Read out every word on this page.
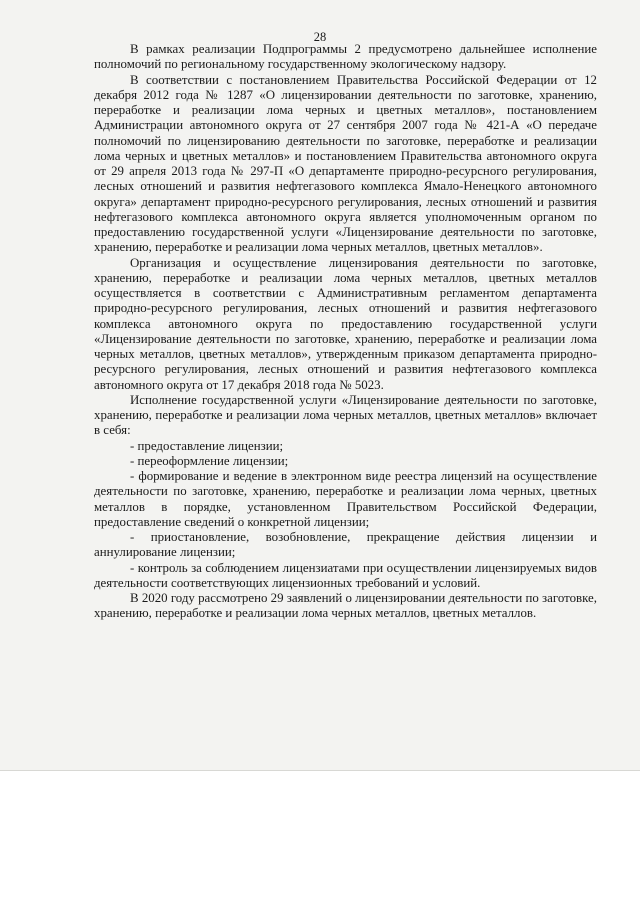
28

В рамках реализации Подпрограммы 2 предусмотрено дальнейшее исполнение полномочий по региональному государственному экологическому надзору.

В соответствии с постановлением Правительства Российской Федерации от 12 декабря 2012 года № 1287 «О лицензировании деятельности по заготовке, хранению, переработке и реализации лома черных и цветных металлов», постановлением Администрации автономного округа от 27 сентября 2007 года № 421-А «О передаче полномочий по лицензированию деятельности по заготовке, переработке и реализации лома черных и цветных металлов» и постановлением Правительства автономного округа от 29 апреля 2013 года № 297-П «О департаменте природно-ресурсного регулирования, лесных отношений и развития нефтегазового комплекса Ямало-Ненецкого автономного округа» департамент природно-ресурсного регулирования, лесных отношений и развития нефтегазового комплекса автономного округа является уполномоченным органом по предоставлению государственной услуги «Лицензирование деятельности по заготовке, хранению, переработке и реализации лома черных металлов, цветных металлов».

Организация и осуществление лицензирования деятельности по заготовке, хранению, переработке и реализации лома черных металлов, цветных металлов осуществляется в соответствии с Административным регламентом департамента природно-ресурсного регулирования, лесных отношений и развития нефтегазового комплекса автономного округа по предоставлению государственной услуги «Лицензирование деятельности по заготовке, хранению, переработке и реализации лома черных металлов, цветных металлов», утвержденным приказом департамента природно-ресурсного регулирования, лесных отношений и развития нефтегазового комплекса автономного округа от 17 декабря 2018 года № 5023.

Исполнение государственной услуги «Лицензирование деятельности по заготовке, хранению, переработке и реализации лома черных металлов, цветных металлов» включает в себя:

- предоставление лицензии;

- переоформление лицензии;

- формирование и ведение в электронном виде реестра лицензий на осуществление деятельности по заготовке, хранению, переработке и реализации лома черных, цветных металлов в порядке, установленном Правительством Российской Федерации, предоставление сведений о конкретной лицензии;

- приостановление, возобновление, прекращение действия лицензии и аннулирование лицензии;

- контроль за соблюдением лицензиатами при осуществлении лицензируемых видов деятельности соответствующих лицензионных требований и условий.

В 2020 году рассмотрено 29 заявлений о лицензировании деятельности по заготовке, хранению, переработке и реализации лома черных металлов, цветных металлов.
